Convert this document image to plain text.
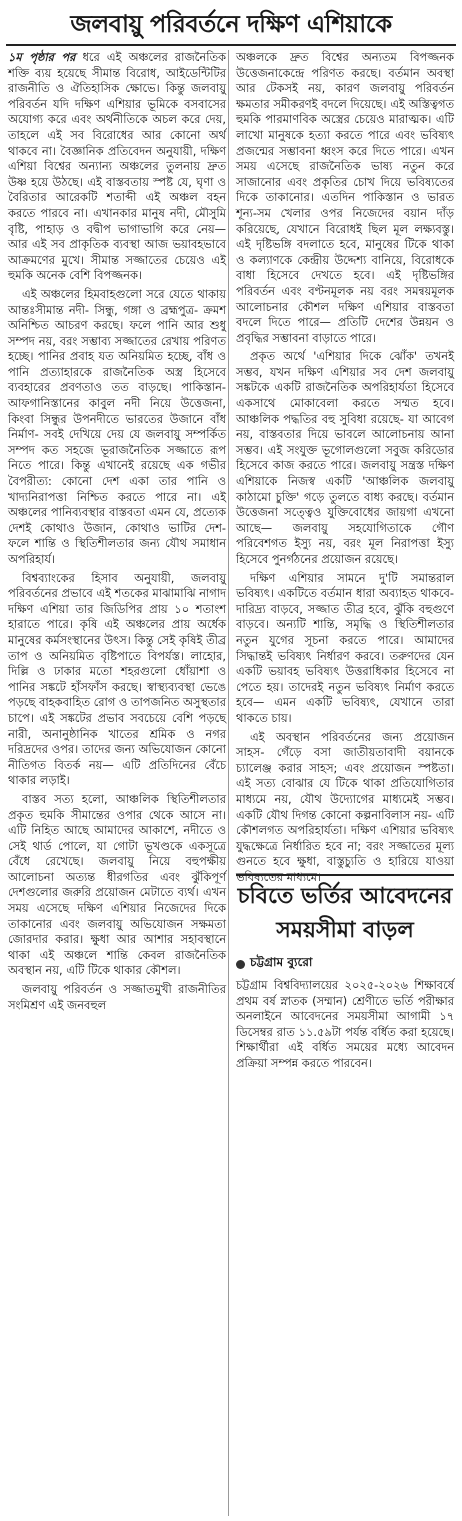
জলবায়ু পরিবর্তনে দক্ষিণ এশিয়াকে

১ম পৃষ্ঠার পর ধরে এই অঞ্চলের রাজনৈতিক শক্তি ব্যয় হয়েছে সীমান্ত বিরোধ, আইডেন্টিটির রাজনীতি ও ঐতিহাসিক ক্ষোভে। কিন্তু জলবায়ু পরিবর্তন যদি দক্ষিণ এশিয়ার ভূমিকে বসবাসের অযোগ্য করে এবং অর্থনীতিকে অচল করে দেয়, তাহলে এই সব বিরোধের আর কোনো অর্থ থাকবে না। বৈজ্ঞানিক প্রতিবেদন অনুযায়ী, দক্ষিণ এশিয়া বিশ্বের অন্যান্য অঞ্চলের তুলনায় দ্রুত উষ্ণ হয়ে উঠছে। এই বাস্তবতায় স্পষ্ট যে, ঘৃণা ও বৈরিতার আরেকটি শতাব্দী এই অঞ্চল বহন করতে পারবে না। এখানকার মানুষ নদী, মৌসুমি বৃষ্টি, পাহাড় ও বদ্বীপ ভাগাভাগি করে নেয়— আর এই সব প্রাকৃতিক ব্যবস্থা আজ ভয়াবহভাবে আক্রমণের মুখে। সীমান্ত সজ্জাতের চেয়েও এই হুমকি অনেক বেশি বিপজ্জনক।

এই অঞ্চলের হিমবাহগুলো সরে যেতে থাকায় আন্তঃসীমান্ত নদী- সিন্ধু, গঙ্গা ও ব্রহ্মপুত্র- ক্রমশ অনিশ্চিত আচরণ করছে। ফলে পানি আর শুধু সম্পদ নয়, বরং সম্ভাব্য সজ্জাতের রেখায় পরিণত হচ্ছে। পানির প্রবাহ যত অনিয়মিত হচ্ছে, বাঁধ ও পানি প্রত্যাহারকে রাজনৈতিক অস্ত্র হিসেবে ব্যবহারের প্রবণতাও তত বাড়ছে। পাকিস্তান-আফগানিস্তানের কাবুল নদী নিয়ে উত্তেজনা, কিংবা সিন্ধুর উপনদীতে ভারতের উজানে বাঁধ নির্মাণ- সবই দেখিয়ে দেয় যে জলবায়ু সম্পর্কিত সম্পদ কত সহজে ভূরাজনৈতিক সজ্জাতে রূপ নিতে পারে। কিন্তু এখানেই রয়েছে এক গভীর বৈপরীত্য: কোনো দেশ একা তার পানি ও খাদ্যনিরাপত্তা নিশ্চিত করতে পারে না। এই অঞ্চলের পানিব্যবস্থার বাস্তবতা এমন যে, প্রত্যেক দেশই কোথাও উজান, কোথাও ভাটির দেশ- ফলে শান্তি ও স্থিতিশীলতার জন্য যৌথ সমাধান অপরিহার্য।

বিশ্বব্যাংকের হিসাব অনুযায়ী, জলবায়ু পরিবর্তনের প্রভাবে এই শতকের মাঝামাঝি নাগাদ দক্ষিণ এশিয়া তার জিডিপির প্রায় ১০ শতাংশ হারাতে পারে। কৃষি এই অঞ্চলের প্রায় অর্ধেক মানুষের কর্মসংস্থানের উৎস। কিন্তু সেই কৃষিই তীব্র তাপ ও অনিয়মিত বৃষ্টিপাতে বিপর্যস্ত। লাহোর, দিল্লি ও ঢাকার মতো শহরগুলো ধোঁয়াশা ও পানির সঙ্কটে হাঁসফাঁস করছে। স্বাস্থ্যব্যবস্থা ভেঙে পড়ছে বাহকবাহিত রোগ ও তাপজনিত অসুস্থতার চাপে। এই সঙ্কটের প্রভাব সবচেয়ে বেশি পড়ছে নারী, অনানুষ্ঠানিক খাতের শ্রমিক ও নগর দরিদ্রদের ওপর। তাদের জন্য অভিযোজন কোনো নীতিগত বিতর্ক নয়— এটি প্রতিদিনের বেঁচে থাকার লড়াই।

বাস্তব সত্য হলো, আঞ্চলিক স্থিতিশীলতার প্রকৃত হুমকি সীমান্তের ওপার থেকে আসে না। এটি নিহিত আছে আমাদের আকাশে, নদীতে ও সেই থার্ড পোলে, যা গোটা ভূখণ্ডকে একসূত্রে বেঁধে রেখেছে। জলবায়ু নিয়ে বহুপক্ষীয় আলোচনা অত্যন্ত ধীরগতির এবং ঝুঁকিপূর্ণ দেশগুলোর জরুরি প্রয়োজন মেটাতে ব্যর্থ। এখন সময় এসেছে দক্ষিণ এশিয়ার নিজেদের দিকে তাকানোর এবং জলবায়ু অভিযোজন সক্ষমতা জোরদার করার। ক্ষুধা আর আশার সহাবস্থানে থাকা এই অঞ্চলে শান্তি কেবল রাজনৈতিক অবস্থান নয়, এটি টিকে থাকার কৌশল।

জলবায়ু পরিবর্তন ও সজ্জাতমুখী রাজনীতির সংমিশ্রণ এই জনবহুল

অঞ্চলকে দ্রুত বিশ্বের অন্যতম বিপজ্জনক উত্তেজনাকেন্দ্রে পরিণত করছে। বর্তমান অবস্থা আর টেকসই নয়, কারণ জলবায়ু পরিবর্তন ক্ষমতার সমীকরণই বদলে দিয়েছে। এই অস্তিত্বগত হুমকি পারমাণবিক অস্ত্রের চেয়েও মারাত্মক। এটি লাখো মানুষকে হত্যা করতে পারে এবং ভবিষ্যৎ প্রজন্মের সম্ভাবনা ধ্বংস করে দিতে পারে। এখন সময় এসেছে রাজনৈতিক ভাষ্য নতুন করে সাজানোর এবং প্রকৃতির চোখ দিয়ে ভবিষ্যতের দিকে তাকানোর। এতদিন পাকিস্তান ও ভারত শূন্য-সম খেলার ওপর নিজেদের বয়ান দাঁড় করিয়েছে, যেখানে বিরোধই ছিল মূল লক্ষ্যবস্তু। এই দৃষ্টিভঙ্গি বদলাতে হবে, মানুষের টিকে থাকা ও কল্যাণকে কেন্দ্রীয় উদ্দেশ্য বানিয়ে, বিরোধকে বাধা হিসেবে দেখতে হবে। এই দৃষ্টিভঙ্গির পরিবর্তন এবং বণ্টনমূলক নয় বরং সমন্বয়মূলক আলোচনার কৌশল দক্ষিণ এশিয়ার বাস্তবতা বদলে দিতে পারে— প্রতিটি দেশের উন্নয়ন ও প্রবৃদ্ধির সম্ভাবনা বাড়াতে পারে।

প্রকৃত অর্থে 'এশিয়ার দিকে ঝোঁক' তখনই সম্ভব, যখন দক্ষিণ এশিয়ার সব দেশ জলবায়ু সঙ্কটকে একটি রাজনৈতিক অপরিহার্যতা হিসেবে একসাথে মোকাবেলা করতে সম্মত হবে। আঞ্চলিক পদ্ধতির বহু সুবিধা রয়েছে- যা আবেগ নয়, বাস্তবতার দিয়ে ভাবলে আলোচনায় আনা সম্ভব। এই সংযুক্ত ভূগোলগুলো সবুজ করিডোর হিসেবে কাজ করতে পারে। জলবায়ু সন্ত্রস্ত দক্ষিণ এশিয়াকে নিজস্ব একটি 'আঞ্চলিক জলবায়ু কাঠামো চুক্তি' গড়ে তুলতে বাধ্য করছে। বর্তমান উত্তেজনা সত্ত্বেও যুক্তিবোধের জায়গা এখনো আছে— জলবায়ু সহযোগিতাকে গৌণ পরিবেশগত ইস্যু নয়, বরং মূল নিরাপত্তা ইস্যু হিসেবে পুনর্গঠনের প্রয়োজন রয়েছে।

দক্ষিণ এশিয়ার সামনে দু'টি সমান্তরাল ভবিষ্যৎ। একটিতে বর্তমান ধারা অব্যাহত থাকবে- দারিদ্র্য বাড়বে, সজ্জাত তীব্র হবে, ঝুঁকি বহুগুণে বাড়বে। অন্যটি শান্তি, সমৃদ্ধি ও স্থিতিশীলতার নতুন যুগের সূচনা করতে পারে। আমাদের সিদ্ধান্তই ভবিষ্যৎ নির্ধারণ করবে। তরুণদের যেন একটি ভয়াবহ ভবিষ্যৎ উত্তরাধিকার হিসেবে না পেতে হয়। তাদেরই নতুন ভবিষ্যৎ নির্মাণ করতে হবে— এমন একটি ভবিষ্যৎ, যেখানে তারা থাকতে চায়।

এই অবস্থান পরিবর্তনের জন্য প্রয়োজন সাহস- গেঁড়ে বসা জাতীয়তাবাদী বয়ানকে চ্যালেঞ্জ করার সাহস; এবং প্রয়োজন স্পষ্টতা। এই সত্য বোঝার যে টিকে থাকা প্রতিযোগিতার মাধ্যমে নয়, যৌথ উদ্যোগের মাধ্যমেই সম্ভব। একটি যৌথ দিগন্ত কোনো কল্পনাবিলাস নয়- এটি কৌশলগত অপরিহার্যতা। দক্ষিণ এশিয়ার ভবিষ্যৎ যুদ্ধক্ষেত্রে নির্ধারিত হবে না; বরং সজ্জাতের মূল্য গুনতে হবে ক্ষুধা, বাস্তুচ্যুতি ও হারিয়ে যাওয়া ভবিষ্যতের মাধ্যমে।

চবিতে ভর্তির আবেদনের সময়সীমা বাড়ল
চট্টগ্রাম ব্যুরো

চট্টগ্রাম বিশ্ববিদ্যালয়ের ২০২৫-২০২৬ শিক্ষাবর্ষে প্রথম বর্ষ স্নাতক (সম্মান) শ্রেণীতে ভর্তি পরীক্ষার অনলাইনে আবেদনের সময়সীমা আগামী ১৭ ডিসেম্বর রাত ১১.৫৯টা পর্যন্ত বর্ধিত করা হয়েছে। শিক্ষার্থীরা এই বর্ধিত সময়ের মধ্যে আবেদন প্রক্রিয়া সম্পন্ন করতে পারবেন।
